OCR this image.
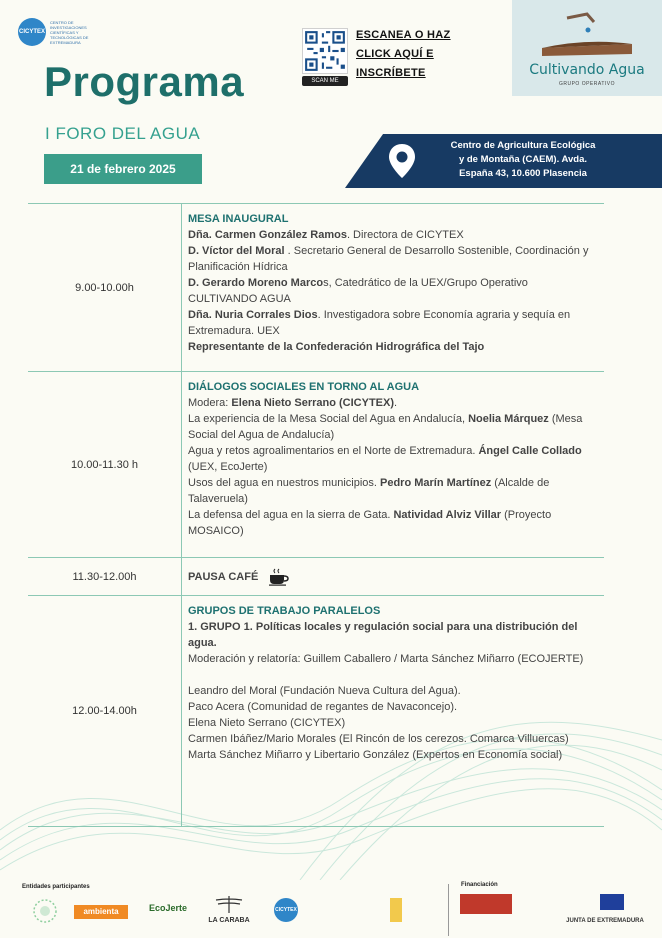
CICYTEX
CENTRO DE INVESTIGACIONES CIENTÍFICAS Y TECNOLÓGICAS DE EXTREMADURA
SCAN ME
ESCANEA O HAZ
CLICK AQUÍ E
INSCRÍBETE	Cultivando Agua
GRUPO OPERATIVO
Programa
I FORO DEL AGUA
21 de febrero 2025
Centro de Agricultura Ecológica
y de Montaña (CAEM). Avda.
España 43, 10.600 Plasencia
9.00-10.00h
MESA INAUGURAL
Dña. Carmen González Ramos. Directora de CICYTEX
D. Víctor del Moral . Secretario General de Desarrollo Sostenible, Coordinación y Planificación Hídrica
D. Gerardo Moreno Marcos, Catedrático de la UEX/Grupo Operativo CULTIVANDO AGUA
Dña. Nuria Corrales Dios. Investigadora sobre Economía agraria y sequía en Extremadura. UEX
Representante de la Confederación Hidrográfica del Tajo
10.00-11.30 h
DIÁLOGOS SOCIALES EN TORNO AL AGUA
Modera: Elena Nieto Serrano (CICYTEX).
La experiencia de la Mesa Social del Agua en Andalucía, Noelia Márquez (Mesa Social del Agua de Andalucía)
Agua y retos agroalimentarios en el Norte de Extremadura. Ángel Calle Collado (UEX, EcoJerte)
Usos del agua en nuestros municipios. Pedro Marín Martínez (Alcalde de Talaveruela)
La defensa del agua en la sierra de Gata. Natividad Alviz Villar (Proyecto MOSAICO)
11.30-12.00h	PAUSA CAFÉ
12.00-14.00h
GRUPOS DE TRABAJO PARALELOS
1. GRUPO 1. Políticas locales y regulación social para una distribución del agua.
Moderación y relatoría: Guillem Caballero / Marta Sánchez Miñarro (ECOJERTE)
Leandro del Moral (Fundación Nueva Cultura del Agua).
Paco Acera (Comunidad de regantes de Navaconcejo).
Elena Nieto Serrano (CICYTEX)
Carmen Ibáñez/Mario Morales (El Rincón de los cerezos. Comarca Villuercas)
Marta Sánchez Miñarro y Libertario González (Expertos en Economía social)
Entidades participantes	Financiación
ambienta	EcoJerte
LA CARABA
CICYTEX
JUNTA DE EXTREMADURA
